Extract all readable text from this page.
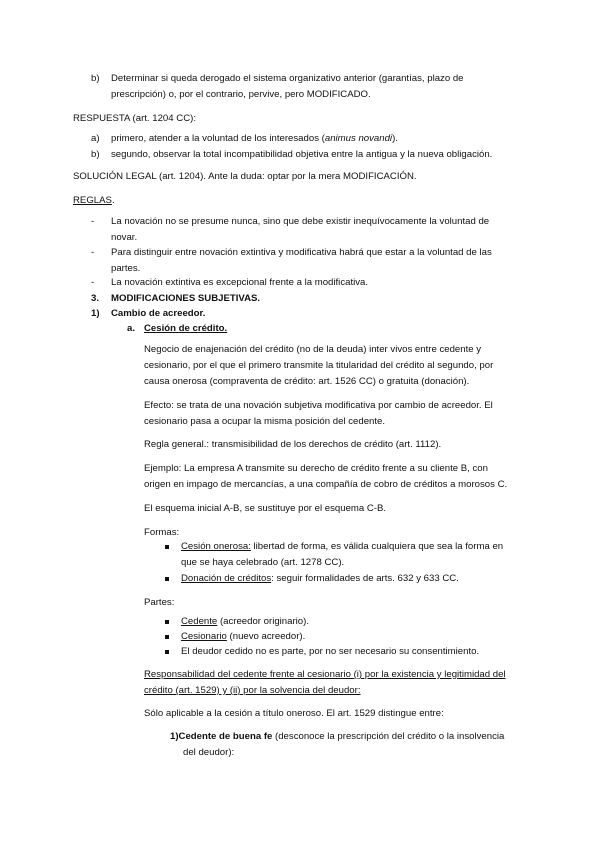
b) Determinar si queda derogado el sistema organizativo anterior (garantías, plazo de
prescripción) o, por el contrario, pervive, pero MODIFICADO.
RESPUESTA (art. 1204 CC):
a) primero, atender a la voluntad de los interesados (animus novandi).
b) segundo, observar la total incompatibilidad objetiva entre la antigua y la nueva obligación.
SOLUCIÓN LEGAL (art. 1204). Ante la duda: optar por la mera MODIFICACIÓN.
REGLAS.
- La novación no se presume nunca, sino que debe existir inequívocamente la voluntad de
novar.
- Para distinguir entre novación extintiva y modificativa habrá que estar a la voluntad de las
partes.
- La novación extintiva es excepcional frente a la modificativa.
3. MODIFICACIONES SUBJETIVAS.
1) Cambio de acreedor.
a. Cesión de crédito.
Negocio de enajenación del crédito (no de la deuda) inter vivos entre cedente y
cesionario, por el que el primero transmite la titularidad del crédito al segundo, por
causa onerosa (compraventa de crédito: art. 1526 CC) o gratuita (donación).
Efecto: se trata de una novación subjetiva modificativa por cambio de acreedor. El
cesionario pasa a ocupar la misma posición del cedente.
Regla general.: transmisibilidad de los derechos de crédito (art. 1112).
Ejemplo: La empresa A transmite su derecho de crédito frente a su cliente B, con
origen en impago de mercancías, a una compañía de cobro de créditos a morosos C.
El esquema inicial A-B, se sustituye por el esquema C-B.
Formas:
Cesión onerosa: libertad de forma, es válida cualquiera que sea la forma en
que se haya celebrado (art. 1278 CC).
Donación de créditos: seguir formalidades de arts. 632 y 633 CC.
Partes:
Cedente (acreedor originario).
Cesionario (nuevo acreedor).
El deudor cedido no es parte, por no ser necesario su consentimiento.
Responsabilidad del cedente frente al cesionario (i) por la existencia y legitimidad del
crédito (art. 1529) y (ii) por la solvencia del deudor:
Sólo aplicable a la cesión a título oneroso. El art. 1529 distingue entre:
1)Cedente de buena fe (desconoce la prescripción del crédito o la insolvencia
del deudor):
